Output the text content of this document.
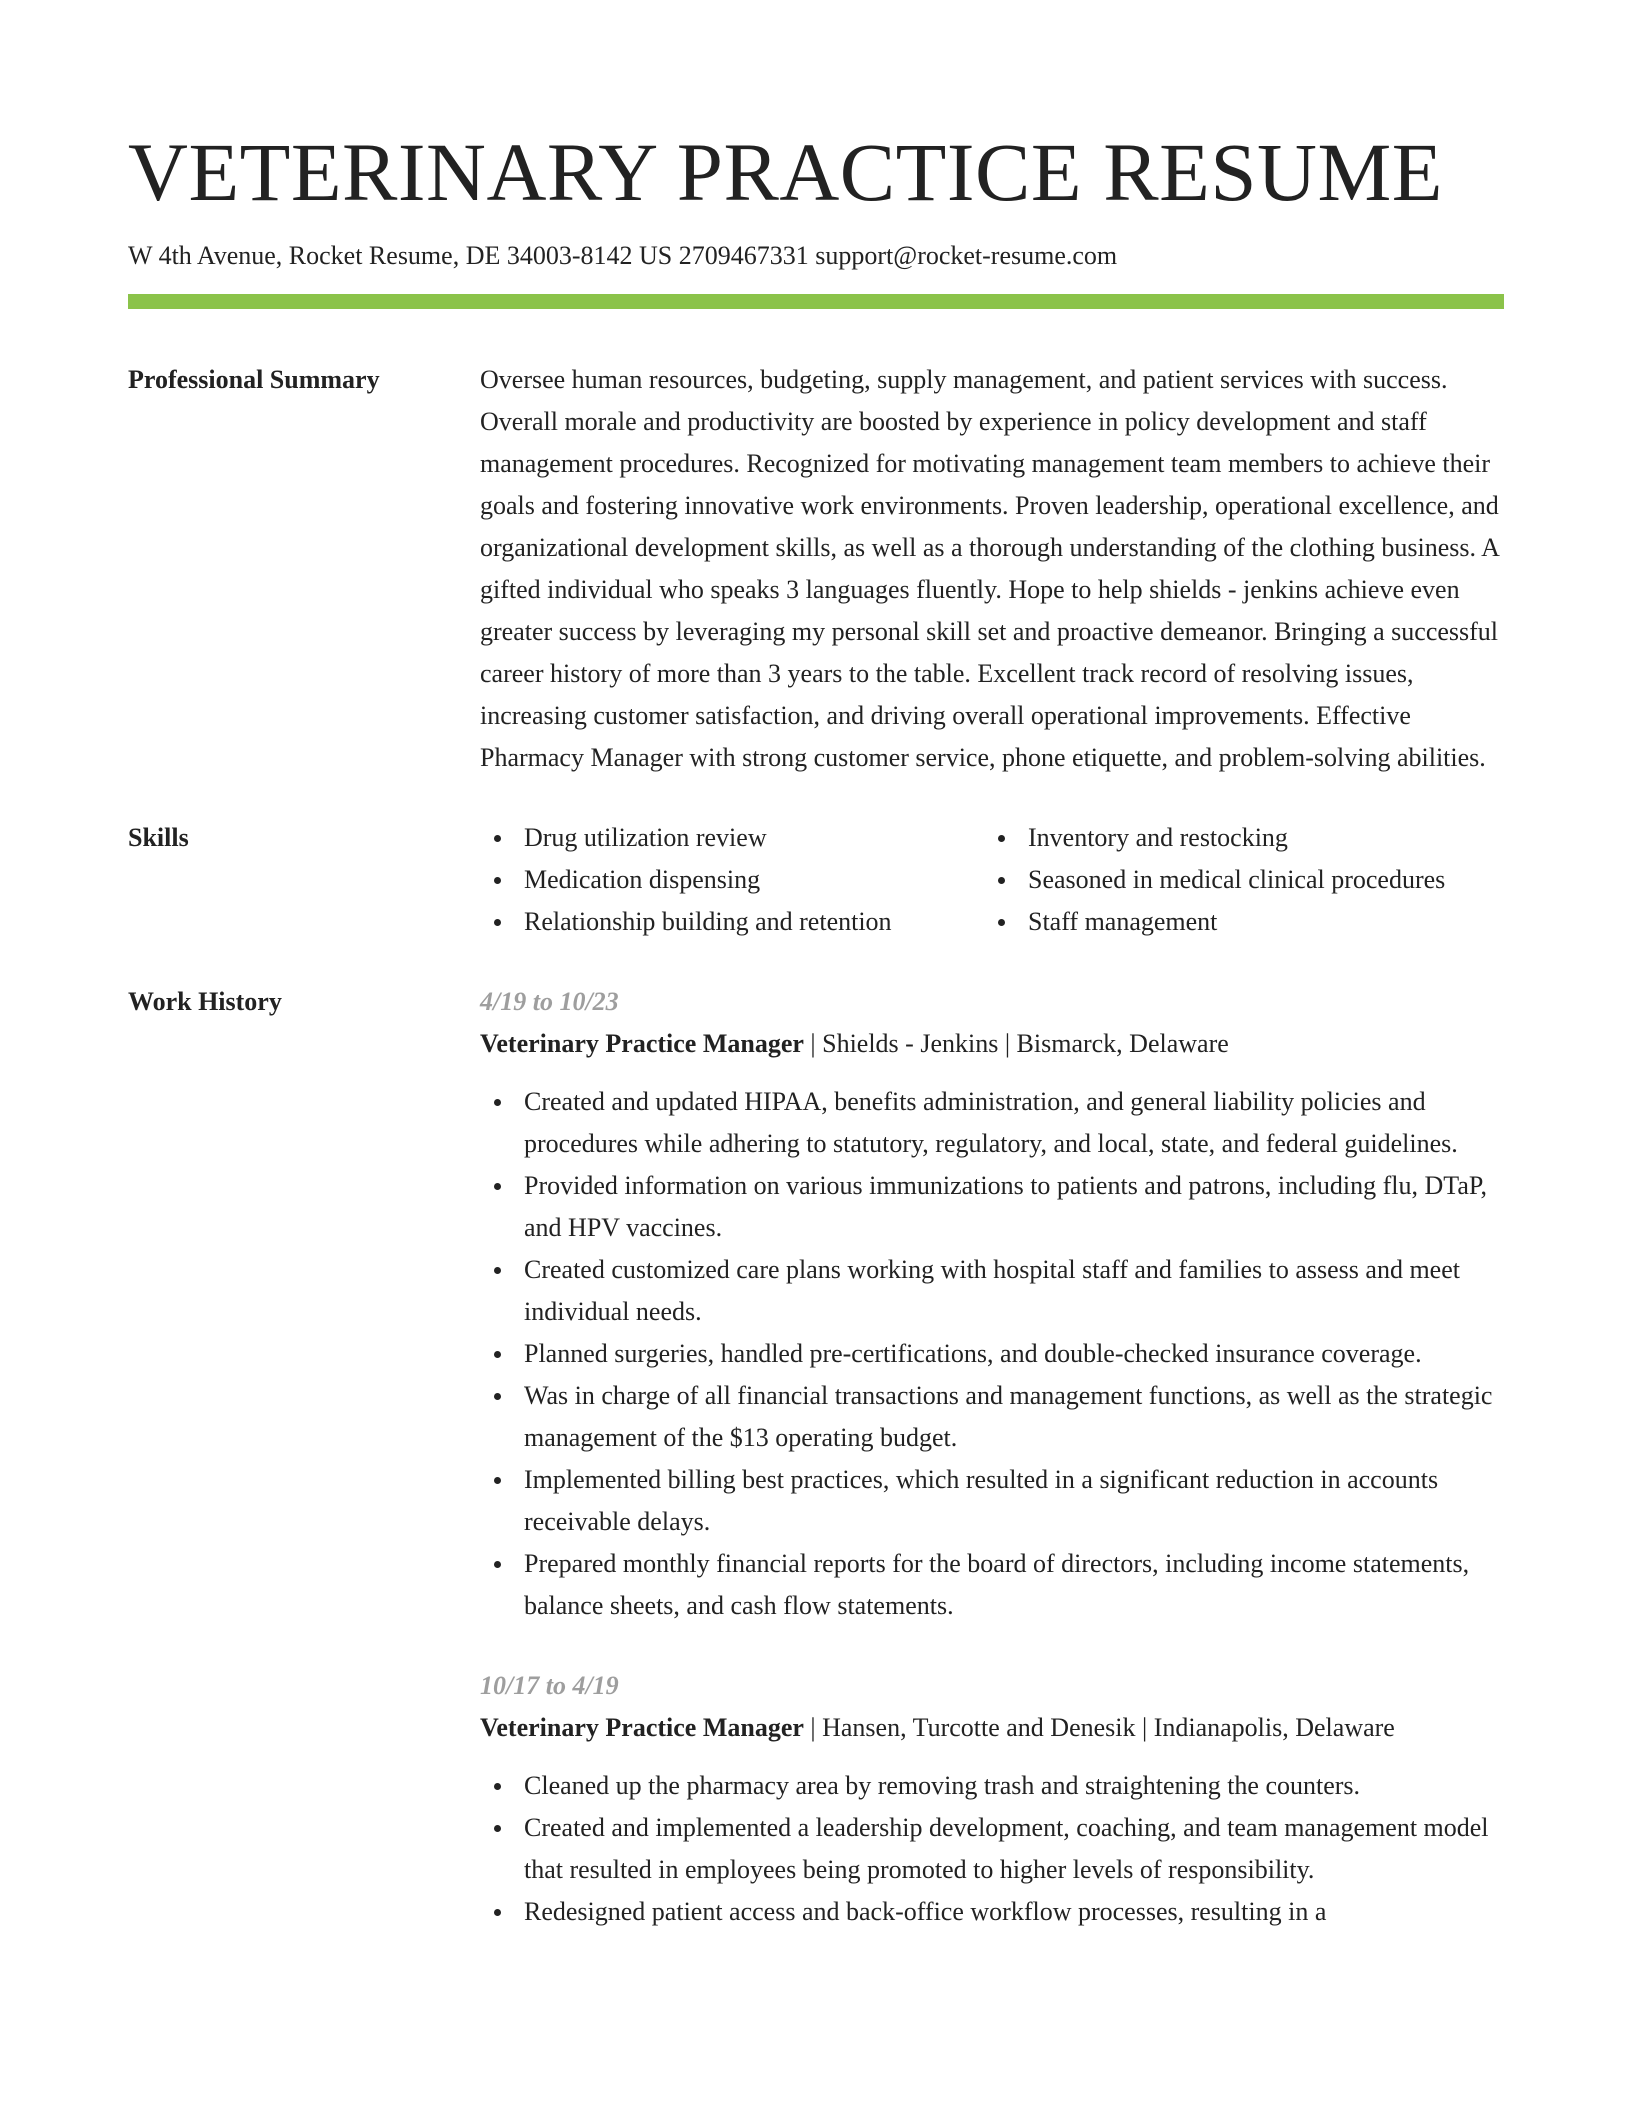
VETERINARY PRACTICE RESUME
W 4th Avenue, Rocket Resume, DE 34003-8142 US 2709467331 support@rocket-resume.com
Professional Summary	Oversee human resources, budgeting, supply management, and patient services with success. Overall morale and productivity are boosted by experience in policy development and staff management procedures. Recognized for motivating management team members to achieve their goals and fostering innovative work environments. Proven leadership, operational excellence, and organizational development skills, as well as a thorough understanding of the clothing business. A gifted individual who speaks 3 languages fluently. Hope to help shields - jenkins achieve even greater success by leveraging my personal skill set and proactive demeanor. Bringing a successful career history of more than 3 years to the table. Excellent track record of resolving issues, increasing customer satisfaction, and driving overall operational improvements. Effective Pharmacy Manager with strong customer service, phone etiquette, and problem-solving abilities.

Skills	Drug utilization review
Medication dispensing
Relationship building and retention
Inventory and restocking
Seasoned in medical clinical procedures
Staff management
Work History	4/19 to 10/23
Veterinary Practice Manager | Shields - Jenkins | Bismarck, Delaware
Created and updated HIPAA, benefits administration, and general liability policies and procedures while adhering to statutory, regulatory, and local, state, and federal guidelines.
Provided information on various immunizations to patients and patrons, including flu, DTaP, and HPV vaccines.
Created customized care plans working with hospital staff and families to assess and meet individual needs.
Planned surgeries, handled pre-certifications, and double-checked insurance coverage.
Was in charge of all financial transactions and management functions, as well as the strategic management of the $13 operating budget.
Implemented billing best practices, which resulted in a significant reduction in accounts receivable delays.
Prepared monthly financial reports for the board of directors, including income statements, balance sheets, and cash flow statements.
10/17 to 4/19
Veterinary Practice Manager | Hansen, Turcotte and Denesik | Indianapolis, Delaware
Cleaned up the pharmacy area by removing trash and straightening the counters.
Created and implemented a leadership development, coaching, and team management model that resulted in employees being promoted to higher levels of responsibility.
Redesigned patient access and back-office workflow processes, resulting in a
